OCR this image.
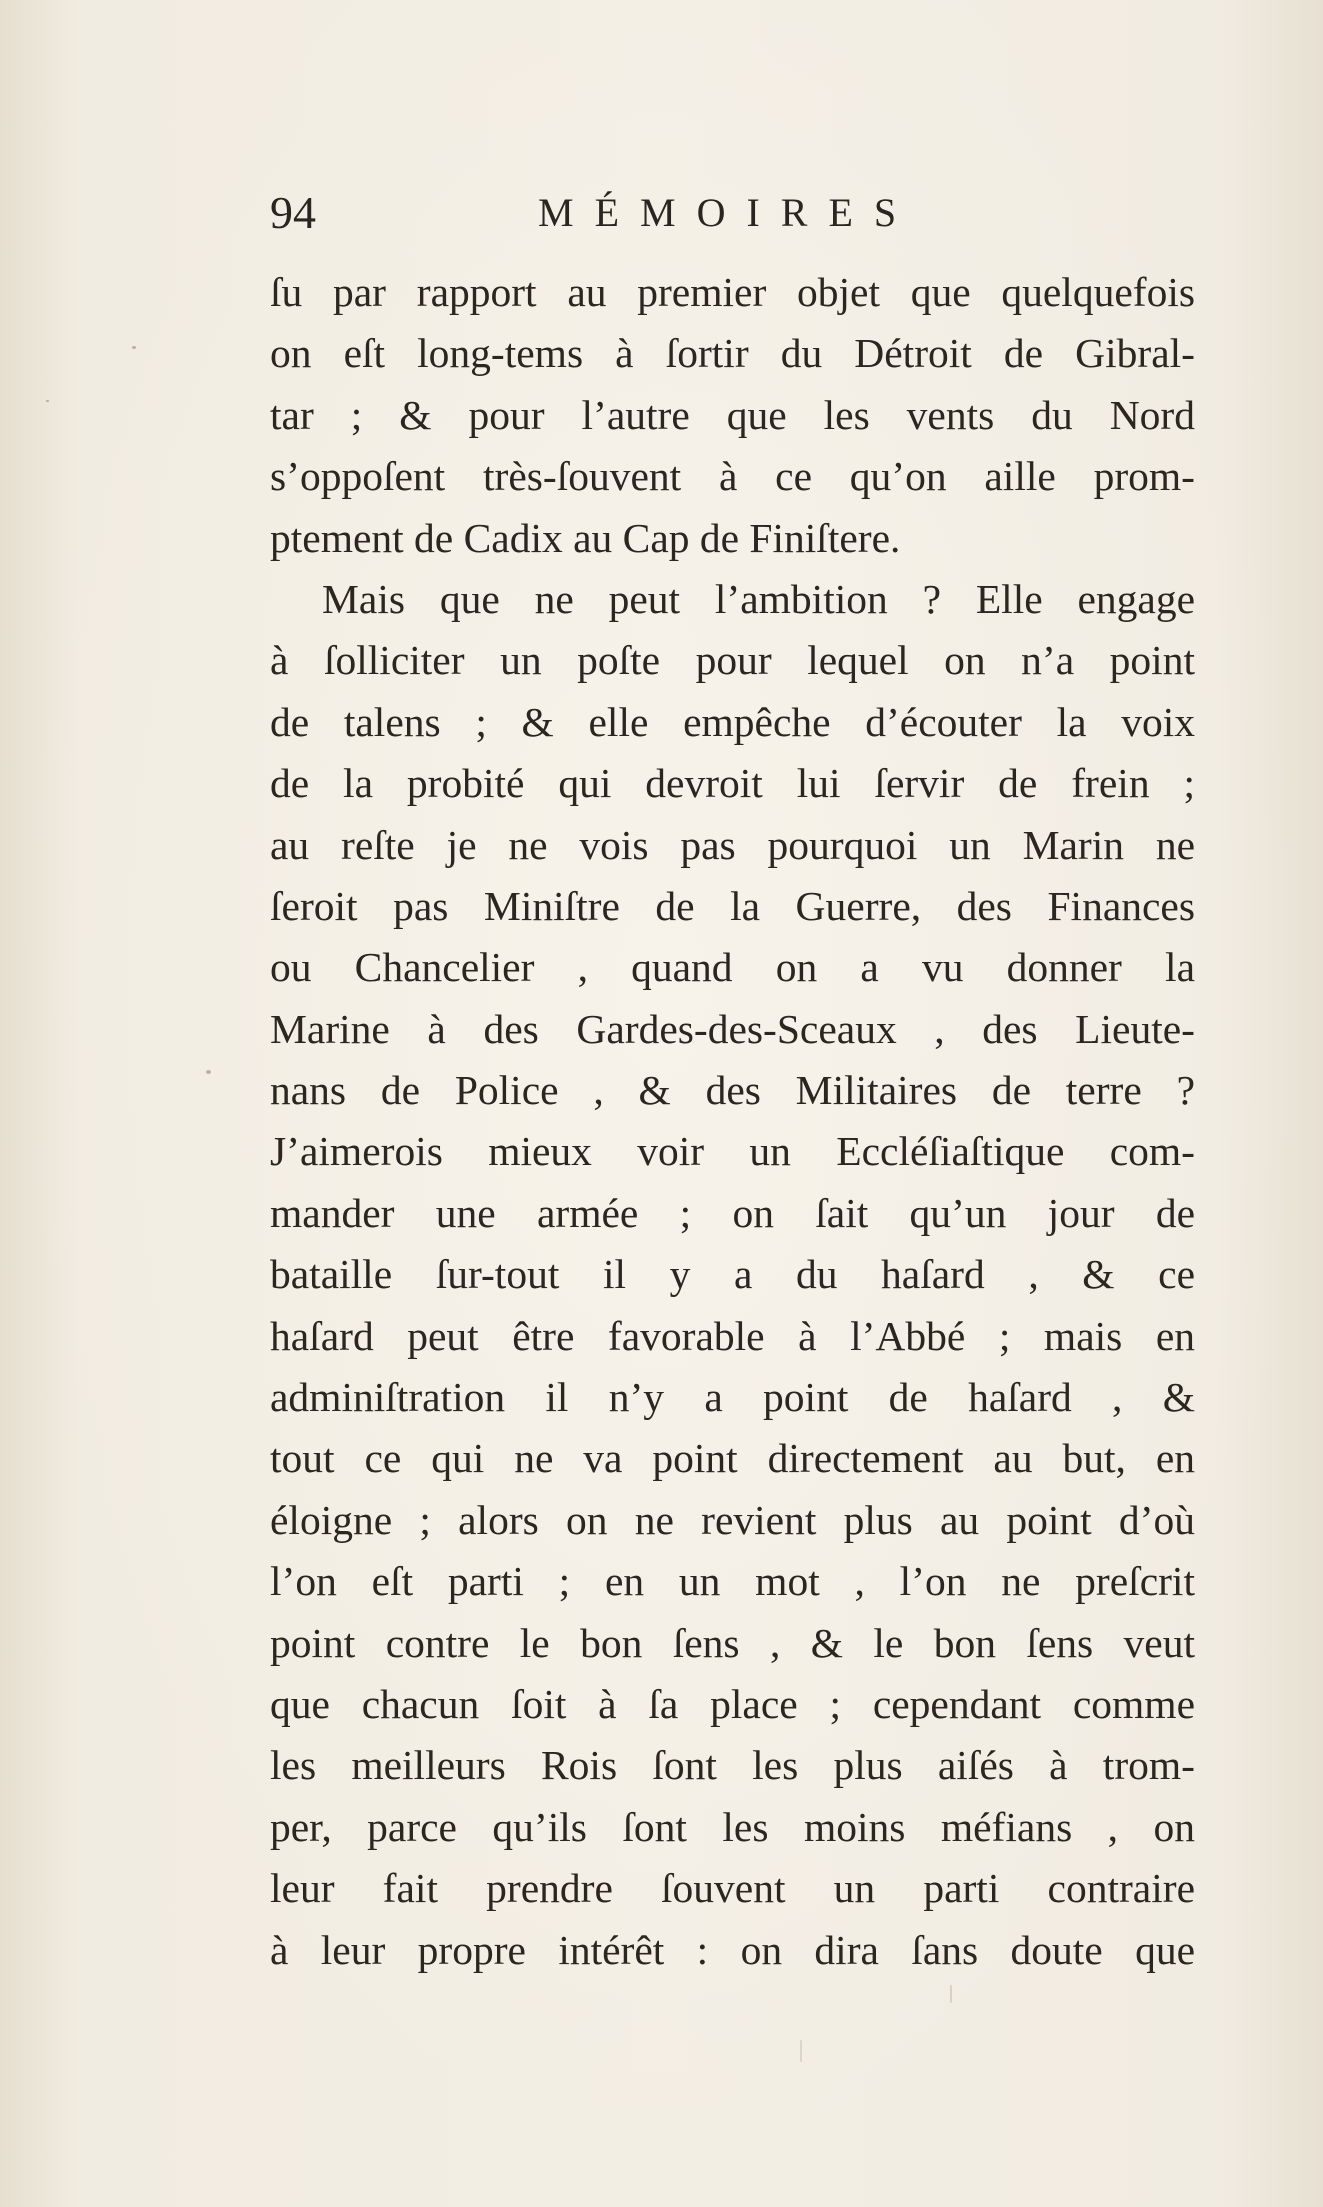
94	MÉMOIRES
ſu par rapport au premier objet que quelquefois
on eſt long-tems à ſortir du Détroit de Gibral-
tar ; & pour l’autre que les vents du Nord
s’oppoſent très-ſouvent à ce qu’on aille prom-
ptement de Cadix au Cap de Finiſtere.
Mais que ne peut l’ambition ? Elle engage
à ſolliciter un poſte pour lequel on n’a point
de talens ; & elle empêche d’écouter la voix
de la probité qui devroit lui ſervir de frein ;
au reſte je ne vois pas pourquoi un Marin ne
ſeroit pas Miniſtre de la Guerre, des Finances
ou Chancelier , quand on a vu donner la
Marine à des Gardes-des-Sceaux , des Lieute-
nans de Police , & des Militaires de terre ?
J’aimerois mieux voir un Eccléſiaſtique com-
mander une armée ; on ſait qu’un jour de
bataille ſur-tout il y a du haſard , & ce
haſard peut être favorable à l’Abbé ; mais en
adminiſtration il n’y a point de haſard , &
tout ce qui ne va point directement au but, en
éloigne ; alors on ne revient plus au point d’où
l’on eſt parti ; en un mot , l’on ne preſcrit
point contre le bon ſens , & le bon ſens veut
que chacun ſoit à ſa place ; cependant comme
les meilleurs Rois ſont les plus aiſés à trom-
per, parce qu’ils ſont les moins méfians , on
leur fait prendre ſouvent un parti contraire
à leur propre intérêt : on dira ſans doute que
